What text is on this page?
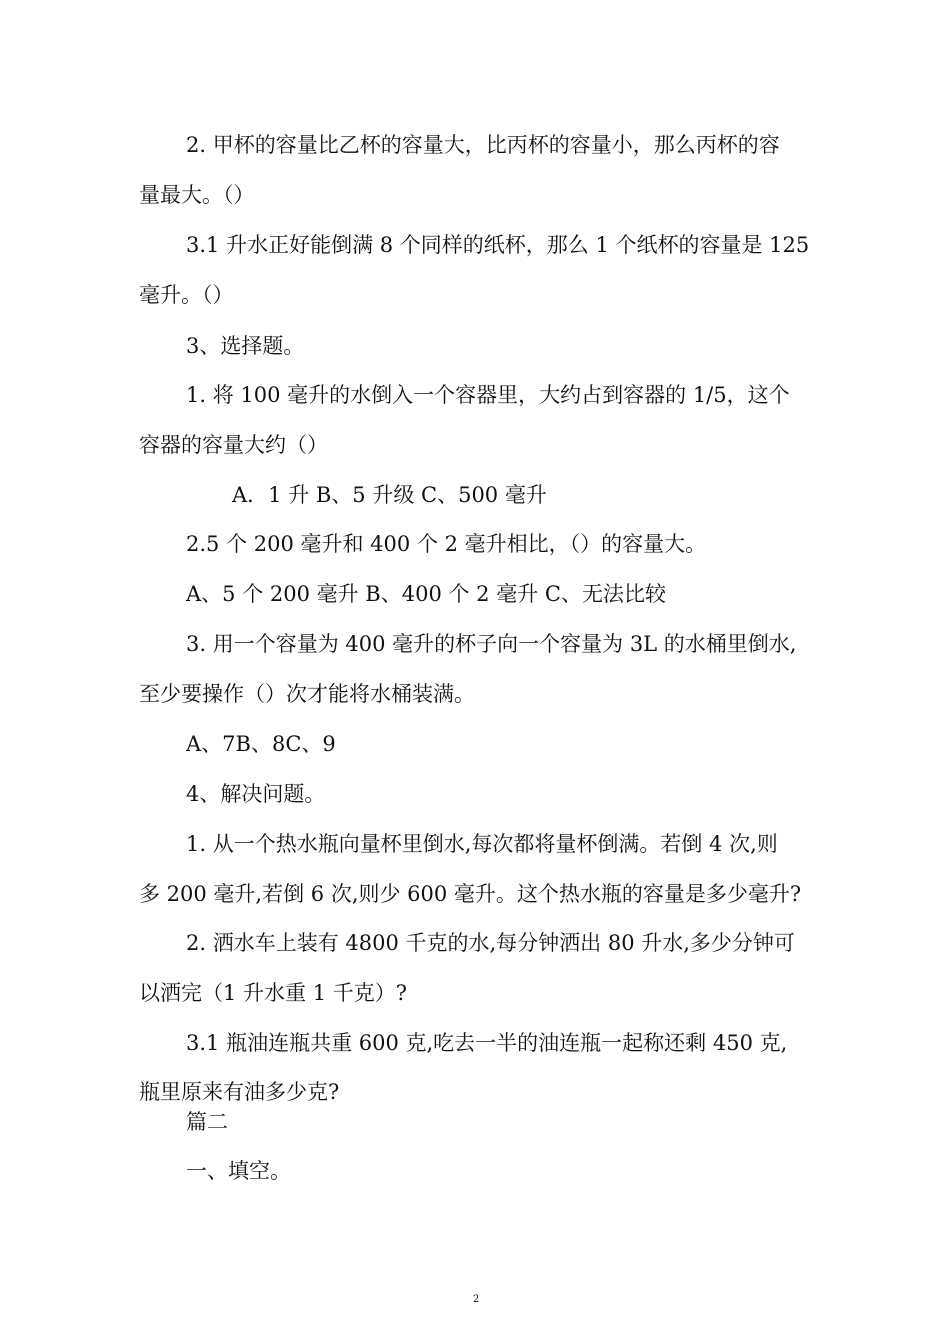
2. 甲杯的容量比乙杯的容量大，比丙杯的容量小，那么丙杯的容
量最大。（）
3.1 升水正好能倒满 8 个同样的纸杯，那么 1 个纸杯的容量是 125
毫升。（）
3、选择题。
1. 将 100 毫升的水倒入一个容器里，大约占到容器的 1/5，这个
容器的容量大约（）
A．1 升 B、5 升级 C、500 毫升
2.5 个 200 毫升和 400 个 2 毫升相比，（）的容量大。
A、5 个 200 毫升 B、400 个 2 毫升 C、无法比较
3. 用一个容量为 400 毫升的杯子向一个容量为 3L 的水桶里倒水,
至少要操作（）次才能将水桶装满。
A、7B、8C、9
4、解决问题。
1. 从一个热水瓶向量杯里倒水,每次都将量杯倒满。若倒 4 次,则
多 200 毫升,若倒 6 次,则少 600 毫升。这个热水瓶的容量是多少毫升?
2. 洒水车上装有 4800 千克的水,每分钟洒出 80 升水,多少分钟可
以洒完（1 升水重 1 千克）?
3.1 瓶油连瓶共重 600 克,吃去一半的油连瓶一起称还剩 450 克,
瓶里原来有油多少克?
篇二
一、填空。
2
